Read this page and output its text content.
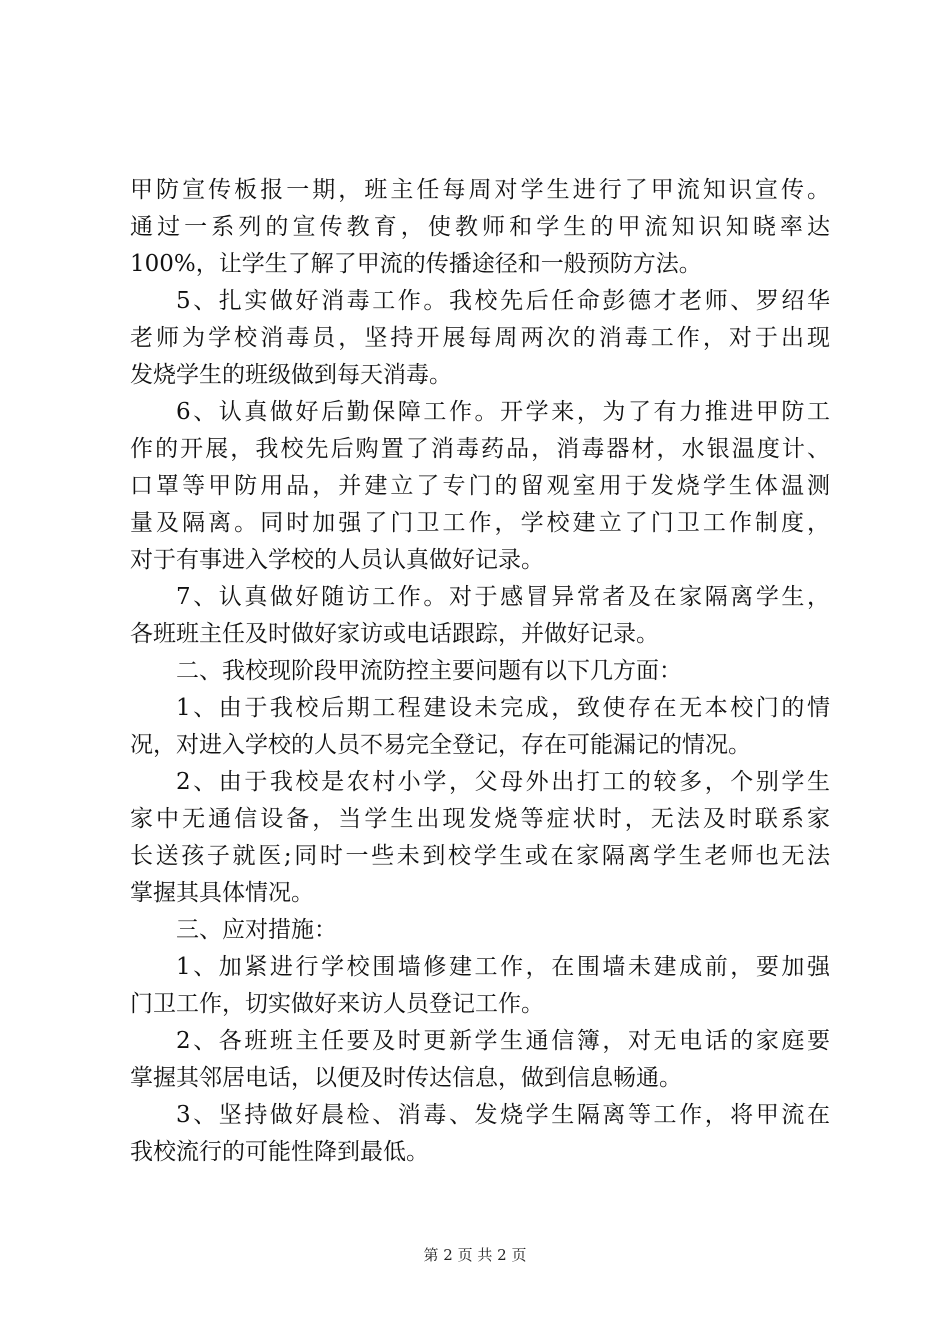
甲防宣传板报一期，班主任每周对学生进行了甲流知识宣传。
通过一系列的宣传教育，使教师和学生的甲流知识知晓率达
100%，让学生了解了甲流的传播途径和一般预防方法。
5、扎实做好消毒工作。我校先后任命彭德才老师、罗绍华
老师为学校消毒员，坚持开展每周两次的消毒工作，对于出现
发烧学生的班级做到每天消毒。
6、认真做好后勤保障工作。开学来，为了有力推进甲防工
作的开展，我校先后购置了消毒药品，消毒器材，水银温度计、
口罩等甲防用品，并建立了专门的留观室用于发烧学生体温测
量及隔离。同时加强了门卫工作，学校建立了门卫工作制度，
对于有事进入学校的人员认真做好记录。
7、认真做好随访工作。对于感冒异常者及在家隔离学生，
各班班主任及时做好家访或电话跟踪，并做好记录。
二、我校现阶段甲流防控主要问题有以下几方面：
1、由于我校后期工程建设未完成，致使存在无本校门的情
况，对进入学校的人员不易完全登记，存在可能漏记的情况。
2、由于我校是农村小学，父母外出打工的较多，个别学生
家中无通信设备，当学生出现发烧等症状时，无法及时联系家
长送孩子就医;同时一些未到校学生或在家隔离学生老师也无法
掌握其具体情况。
三、应对措施：
1、加紧进行学校围墙修建工作，在围墙未建成前，要加强
门卫工作，切实做好来访人员登记工作。
2、各班班主任要及时更新学生通信簿，对无电话的家庭要
掌握其邻居电话，以便及时传达信息，做到信息畅通。
3、坚持做好晨检、消毒、发烧学生隔离等工作，将甲流在
我校流行的可能性降到最低。
第 2 页 共 2 页
